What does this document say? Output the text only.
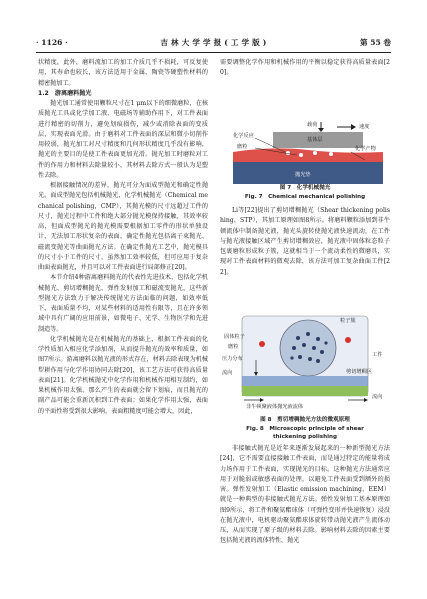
· 1126 ·	吉 林 大 学 学 报 ( 工 学 版 )	第 55 卷

状精度，此外，磨料流加工的加工介质几乎不损耗，可反复使用，其寿命也较长，该方法适用于金属、陶瓷等硬塑性材料的精密抛加工。

1.2　游离磨料抛光

抛光加工通常使用颗粒尺寸在1 μm以下的细微磨粒，在核质抛光工具或化学加工液、电磁场等辅助作用下，对工件表面进行精密的切削力，避免划痕损伤，减少或消除表面的变质层，实现表面光滑。由于磨料对工件表面的深层和微小切削作用较弱，抛光加工对尺寸精度和几何形状精度几乎没有影响，抛光的主要目的是使工件表面更加光滑。抛光加工时磨粒对工件的作用力和材料去除量较小，其材料去除方式一般认为是塑性去除。

根据接触情况的差异，抛光可分为面成型抛光和确定性抛光。面成型抛光包括机械抛光、化学机械抛光（Chemical mechanical polishing，CMP），其抛光模的尺寸远超过工件的尺寸，抛光过程中工件和绝大部分抛光模保持接触，其效率较高，但面成型抛光的抛光模需要根据加工零件的形状单独设计，无法加工形状复杂的表面。确定性抛光包括离子束抛光、磁流变抛光等曲面抛光方法。在确定性抛光工艺中，抛光模具的尺寸小于工件的尺寸，虽然加工效率较低，但可应用于复杂曲面表面抛光，并且可以对工件表面进行局部修正[20]。

本节介绍4种游离磨料抛光的代表性先进技术，包括化学机械抛光、剪切增稠抛光、弹性发射加工和磁流变抛光，这些新型抛光方法致力于解决传统抛光方法面临的问题，如效率低下、表面质量不均，对某些材料的适用性有限等，且在许多领域中具有广阔的应用前景，如微电子、光学、生物医学和先进制造等。

化学机械抛光是在机械抛光的基础上，根据工件表面的化学性质加入相应化学添加剂，从而提升抛光的效率和质量，如图7所示。游离磨料以抛光液的形式存在，材料去除表现为机械犁耕作用与化学作用协同去除[20]，该工艺方法可获得高质量表面[21]。化学机械抛光中化学作用和机械作用相互制约，如果机械作用太强，那么产生的表面就会留下划痕，而且抛光的副产品可能会重新沉积到工件表面；如果化学作用太强，表面的平面性将受到很大影响，表面粗糙度可能会增大，因此，

需要调整化学作用和机械作用的平衡以稳定获得高质量表面[20]。

载荷	速度
基体层
化学反应
磨粒	化学产物
抛光垫
图 7　化学机械抛光
Fig. 7　Chemical mechanical polishing

Li等[22]提出了剪切增稠抛光（Shear thickening polishing，STP），其加工原理如图8所示。将磨料颗粒添加到非牛顿流体中制备抛光液，抛光头旋转使抛光液快速流动，在工件与抛光液接触区域产生剪切增稠效应，抛光液中固体粒态粒子包裹磨粒形成粒子簇，这就相当于一个流动柔性的微磨具，实现对工件表面材料的微观去除，该方法可加工复杂曲面工件[22]。

粒子簇
固体粒子
磨粒
压力分布
流向
工件
剪切增稠区
流向
非牛顿聚液体抛光液流体
图 8　剪切增稠抛光方法的微观原理
Fig. 8　Microscopic principle of shear
thickening polishing

非接触式抛光是近年来逐渐发展起来的一种新型抛光方法[24]，它不需要直接接触工件表面，而是通过特定的能量将成力场作用于工件表面，实现抛光的目标。这种抛光方法通常应用于对脆弱或敏感表面的处理，以避免工件表面受到额外的损害。弹性发射加工（Elastic emission machining，EEM）就是一种典型的非接触式抛光方法。弹性发射加工基本原理如图9所示，将工件和聚氨酯球体（可弹性变形并快速恢复）浸没在抛光液中，电机驱动聚氨酯球体旋转带动抛光液产生流体动压，从而实现了原子级的材料去除。影响材料去除的因素主要包括抛光液的流体特性、抛光
